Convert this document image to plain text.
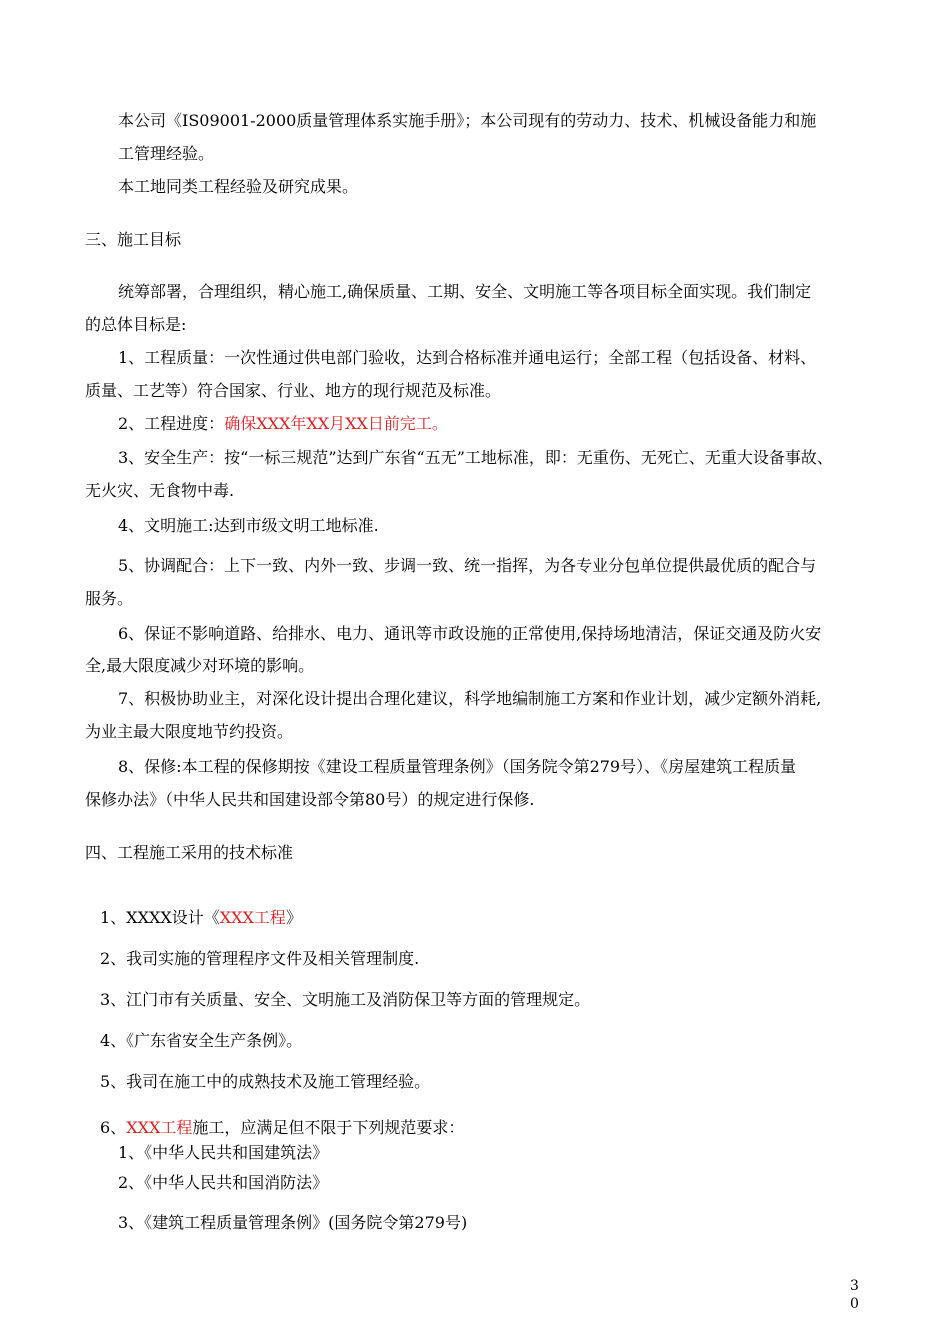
本公司《IS09001-2000质量管理体系实施手册》；本公司现有的劳动力、技术、机械设备能力和施
工管理经验。
本工地同类工程经验及研究成果。
三、施工目标
统筹部署，合理组织，精心施工,确保质量、工期、安全、文明施工等各项目标全面实现。我们制定
的总体目标是:
1、工程质量：一次性通过供电部门验收，达到合格标准并通电运行；全部工程（包括设备、材料、
质量、工艺等）符合国家、行业、地方的现行规范及标准。
2、工程进度：确保XXX年XX月XX日前完工。
3、安全生产：按“一标三规范”达到广东省“五无”工地标准，即：无重伤、无死亡、无重大设备事故、
无火灾、无食物中毒.
4、文明施工:达到市级文明工地标准.
5、协调配合：上下一致、内外一致、步调一致、统一指挥，为各专业分包单位提供最优质的配合与
服务。
6、保证不影响道路、给排水、电力、通讯等市政设施的正常使用,保持场地清洁，保证交通及防火安
全,最大限度减少对环境的影响。
7、积极协助业主，对深化设计提出合理化建议，科学地编制施工方案和作业计划，减少定额外消耗,
为业主最大限度地节约投资。
8、保修:本工程的保修期按《建设工程质量管理条例》（国务院令第279号）、《房屋建筑工程质量
保修办法》（中华人民共和国建设部令第80号）的规定进行保修.
四、工程施工采用的技术标准
1、XXXX设计《XXX工程》
2、我司实施的管理程序文件及相关管理制度.
3、江门市有关质量、安全、文明施工及消防保卫等方面的管理规定。
4、《广东省安全生产条例》。
5、我司在施工中的成熟技术及施工管理经验。
6、XXX工程施工，应满足但不限于下列规范要求：
1、《中华人民共和国建筑法》
2、《中华人民共和国消防法》
3、《建筑工程质量管理条例》(国务院令第279号)
3
0
